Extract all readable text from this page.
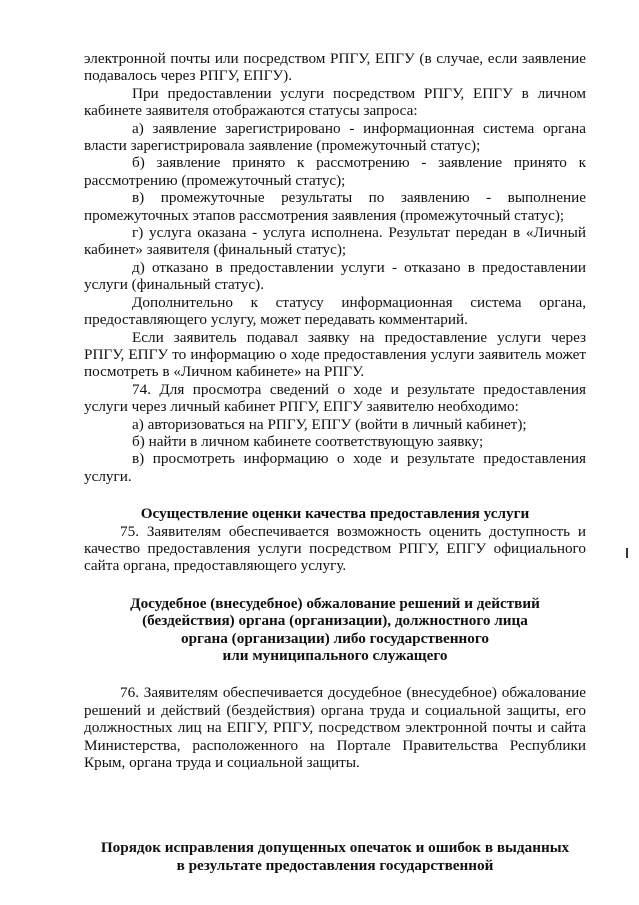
электронной почты или посредством РПГУ, ЕПГУ (в случае, если заявление подавалось через РПГУ, ЕПГУ).

При предоставлении услуги посредством РПГУ, ЕПГУ в личном кабинете заявителя отображаются статусы запроса:

а) заявление зарегистрировано - информационная система органа власти зарегистрировала заявление (промежуточный статус);

б) заявление принято к рассмотрению - заявление принято к рассмотрению (промежуточный статус);

в) промежуточные результаты по заявлению - выполнение промежуточных этапов рассмотрения заявления (промежуточный статус);

г) услуга оказана - услуга исполнена. Результат передан в «Личный кабинет» заявителя (финальный статус);

д) отказано в предоставлении услуги - отказано в предоставлении услуги (финальный статус).

Дополнительно к статусу информационная система органа, предоставляющего услугу, может передавать комментарий.

Если заявитель подавал заявку на предоставление услуги через РПГУ, ЕПГУ то информацию о ходе предоставления услуги заявитель может посмотреть в «Личном кабинете» на РПГУ.

74. Для просмотра сведений о ходе и результате предоставления услуги через личный кабинет РПГУ, ЕПГУ заявителю необходимо:

а) авторизоваться на РПГУ, ЕПГУ (войти в личный кабинет);

б) найти в личном кабинете соответствующую заявку;

в) просмотреть информацию о ходе и результате предоставления услуги.

Осуществление оценки качества предоставления услуги

75. Заявителям обеспечивается возможность оценить доступность и качество предоставления услуги посредством РПГУ, ЕПГУ официального сайта органа, предоставляющего услугу.

Досудебное (внесудебное) обжалование решений и действий
(бездействия) органа (организации), должностного лица
органа (организации) либо государственного
или муниципального служащего

76. Заявителям обеспечивается досудебное (внесудебное) обжалование решений и действий (бездействия) органа труда и социальной защиты, его должностных лиц на ЕПГУ, РПГУ, посредством электронной почты и сайта Министерства, расположенного на Портале Правительства Республики Крым, органа труда и социальной защиты.

Порядок исправления допущенных опечаток и ошибок в выданных
в результате предоставления государственной
